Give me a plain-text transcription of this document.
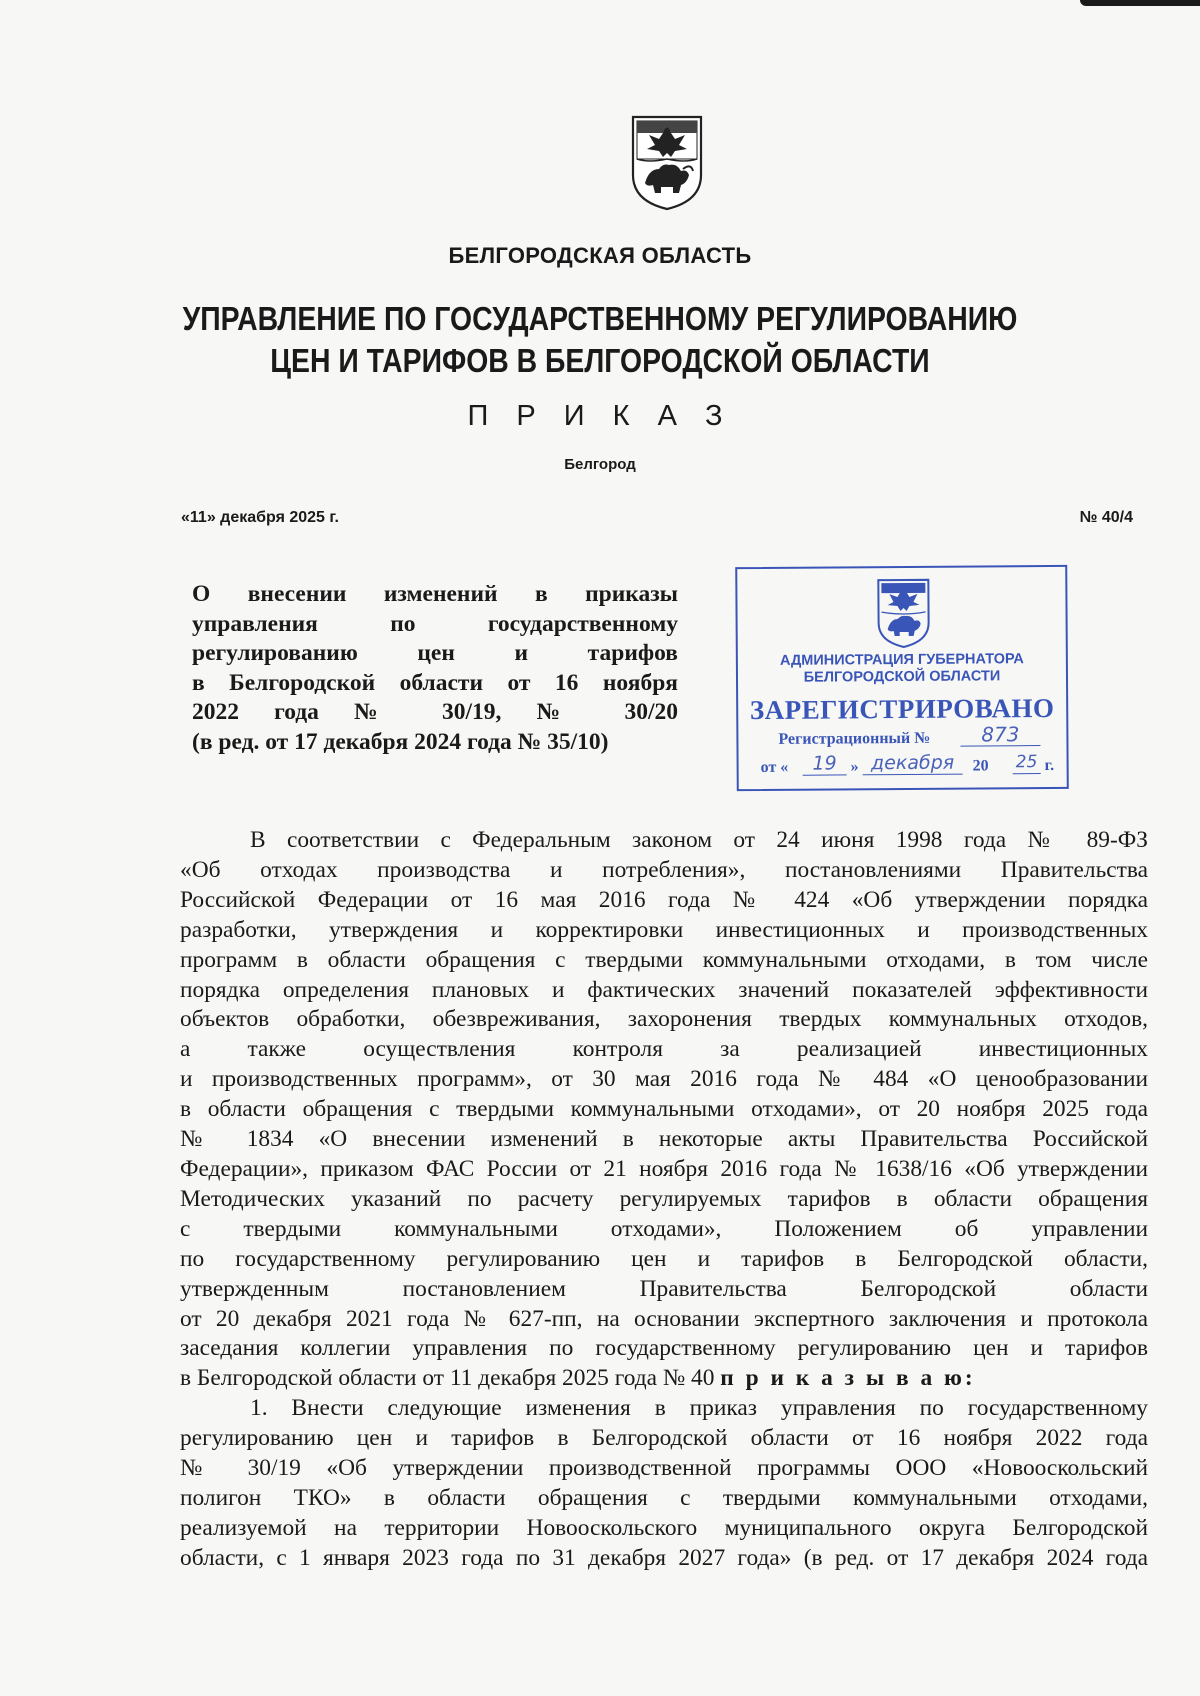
БЕЛГОРОДСКАЯ ОБЛАСТЬ
УПРАВЛЕНИЕ ПО ГОСУДАРСТВЕННОМУ РЕГУЛИРОВАНИЮ
ЦЕН И ТАРИФОВ В БЕЛГОРОДСКОЙ ОБЛАСТИ
П Р И К А З
Белгород
«11» декабря 2025 г.	№ 40/4
О внесении изменений в приказы
управления по государственному
регулированию цен и тарифов
в Белгородской области от 16 ноября
2022 года № 30/19, № 30/20
(в ред. от 17 декабря 2024 года № 35/10)
АДМИНИСТРАЦИЯ ГУБЕРНАТОРА
БЕЛГОРОДСКОЙ ОБЛАСТИ
ЗАРЕГИСТРИРОВАНО
Регистрационный №	873
от «	19 » декабря	20 25 г.
В соответствии с Федеральным законом от 24 июня 1998 года № 89-ФЗ
«Об отходах производства и потребления», постановлениями Правительства
Российской Федерации от 16 мая 2016 года № 424 «Об утверждении порядка
разработки, утверждения и корректировки инвестиционных и производственных
программ в области обращения с твердыми коммунальными отходами, в том числе
порядка определения плановых и фактических значений показателей эффективности
объектов обработки, обезвреживания, захоронения твердых коммунальных отходов,
а также осуществления контроля за реализацией инвестиционных
и производственных программ», от 30 мая 2016 года № 484 «О ценообразовании
в области обращения с твердыми коммунальными отходами», от 20 ноября 2025 года
№ 1834 «О внесении изменений в некоторые акты Правительства Российской
Федерации», приказом ФАС России от 21 ноября 2016 года № 1638/16 «Об утверждении
Методических указаний по расчету регулируемых тарифов в области обращения
с твердыми коммунальными отходами», Положением об управлении
по государственному регулированию цен и тарифов в Белгородской области,
утвержденным постановлением Правительства Белгородской области
от 20 декабря 2021 года № 627-пп, на основании экспертного заключения и протокола
заседания коллегии управления по государственному регулированию цен и тарифов
в Белгородской области от 11 декабря 2025 года № 40 п р и к а з ы в а ю:
1. Внести следующие изменения в приказ управления по государственному
регулированию цен и тарифов в Белгородской области от 16 ноября 2022 года
№ 30/19 «Об утверждении производственной программы ООО «Новооскольский
полигон ТКО» в области обращения с твердыми коммунальными отходами,
реализуемой на территории Новооскольского муниципального округа Белгородской
области, с 1 января 2023 года по 31 декабря 2027 года» (в ред. от 17 декабря 2024 года
